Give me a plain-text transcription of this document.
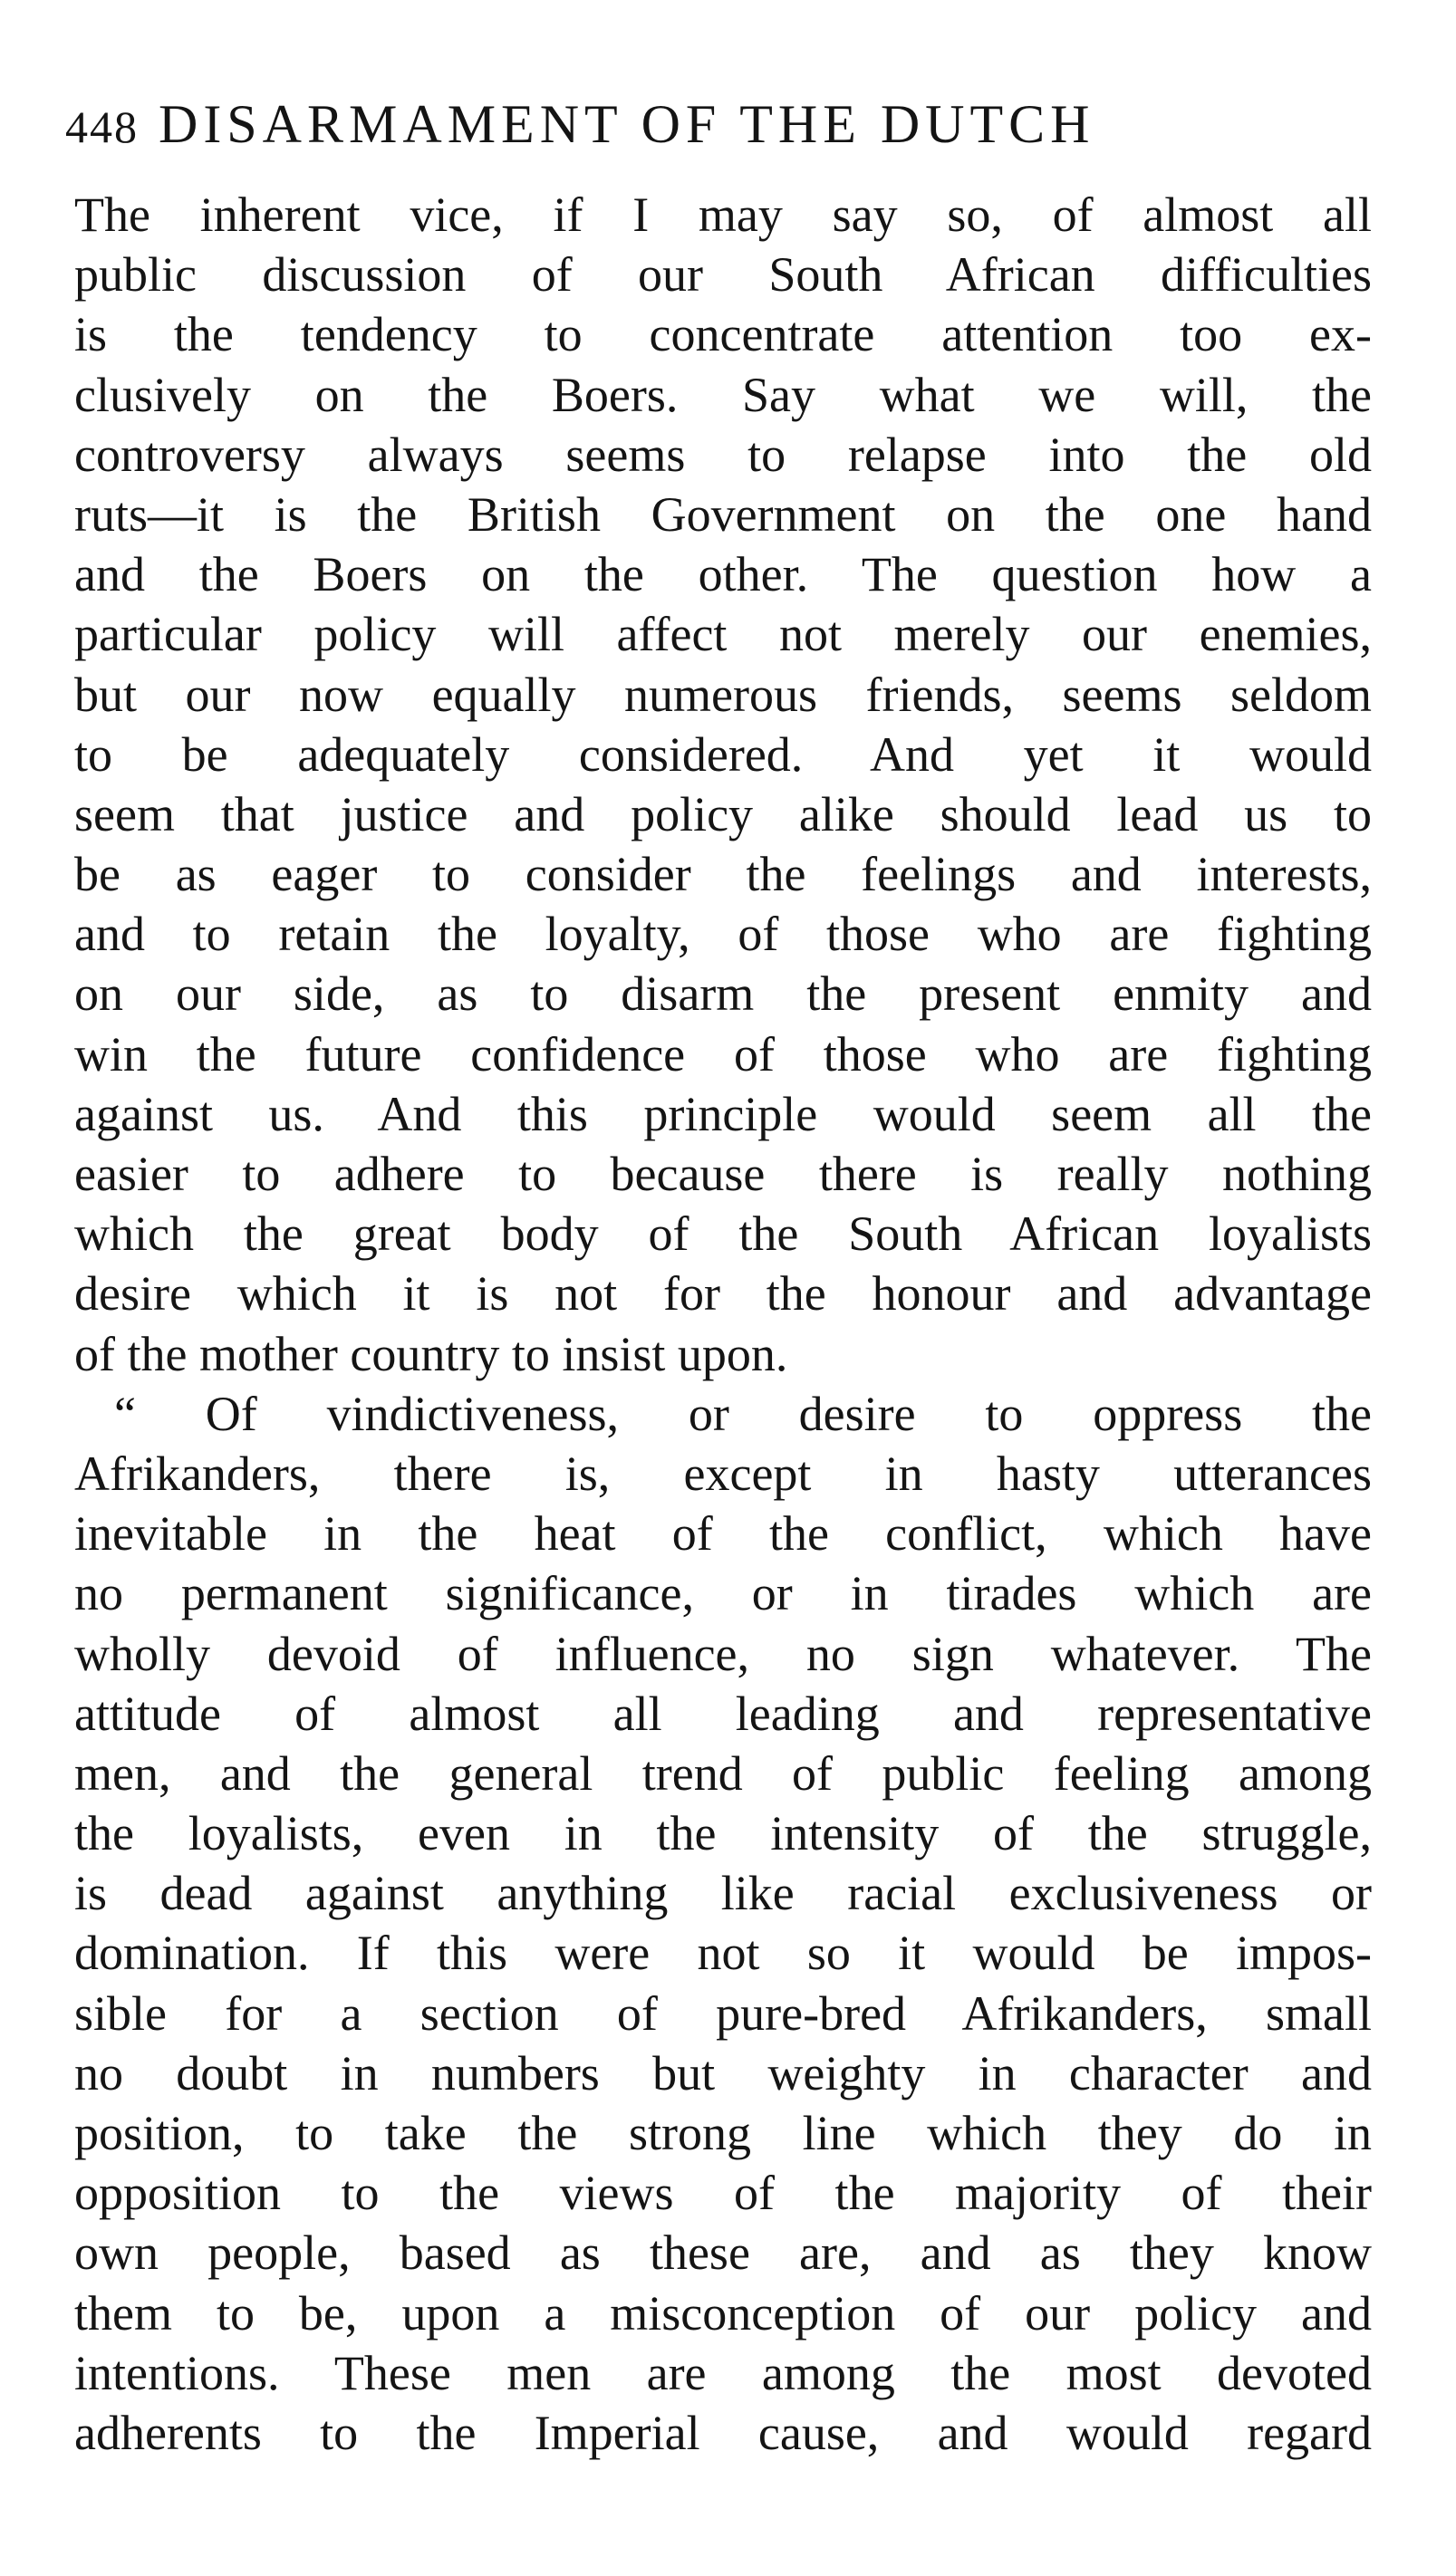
448 DISARMAMENT OF THE DUTCH
The inherent vice, if I may say so, of almost all
public discussion of our South African difficulties
is the tendency to concentrate attention too ex-
clusively on the Boers. Say what we will, the
controversy always seems to relapse into the old
ruts—it is the British Government on the one hand
and the Boers on the other. The question how a
particular policy will affect not merely our enemies,
but our now equally numerous friends, seems seldom
to be adequately considered. And yet it would
seem that justice and policy alike should lead us to
be as eager to consider the feelings and interests,
and to retain the loyalty, of those who are fighting
on our side, as to disarm the present enmity and
win the future confidence of those who are fighting
against us. And this principle would seem all the
easier to adhere to because there is really nothing
which the great body of the South African loyalists
desire which it is not for the honour and advantage
of the mother country to insist upon.
“ Of vindictiveness, or desire to oppress the
Afrikanders, there is, except in hasty utterances
inevitable in the heat of the conflict, which have
no permanent significance, or in tirades which are
wholly devoid of influence, no sign whatever. The
attitude of almost all leading and representative
men, and the general trend of public feeling among
the loyalists, even in the intensity of the struggle,
is dead against anything like racial exclusiveness or
domination. If this were not so it would be impos-
sible for a section of pure-bred Afrikanders, small
no doubt in numbers but weighty in character and
position, to take the strong line which they do in
opposition to the views of the majority of their
own people, based as these are, and as they know
them to be, upon a misconception of our policy and
intentions. These men are among the most devoted
adherents to the Imperial cause, and would regard
